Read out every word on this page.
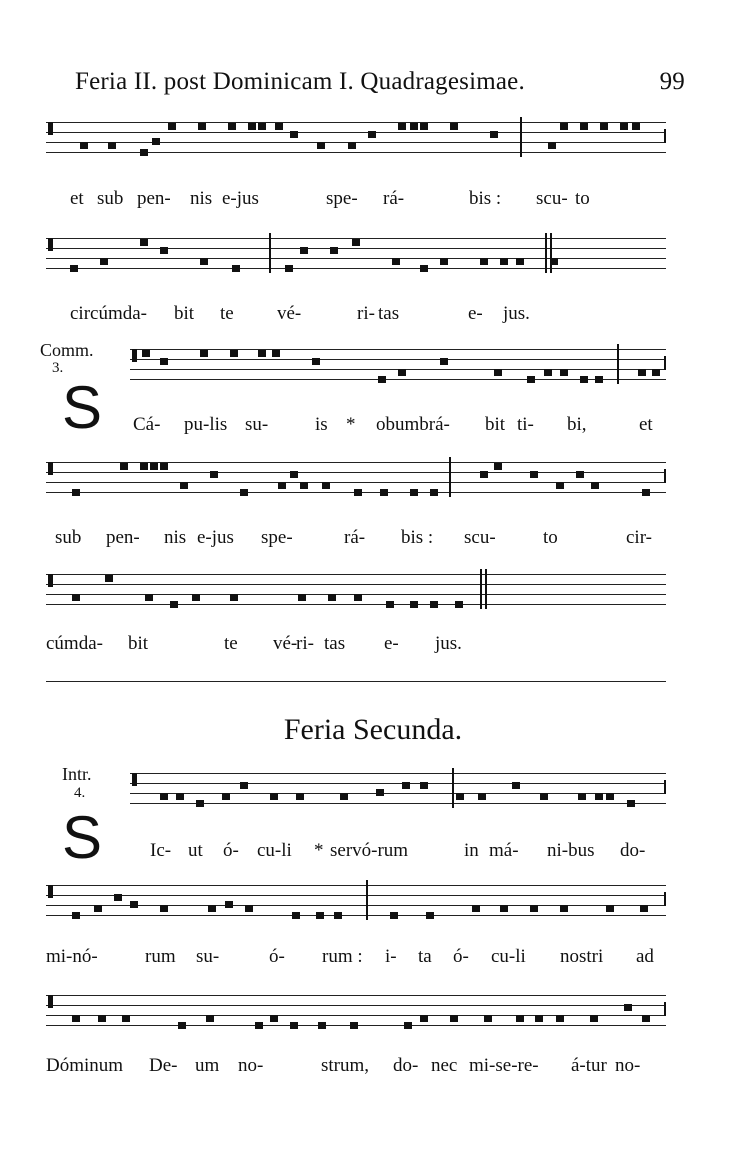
Feria II. post Dominicam I. Quadragesimae.	99
et sub pen- nis e-jus	spe- rá-	bis : scu- to
circúmda- bit te vé-	ri- tas	e- jus.
Cá- pu-lis su- is * obumbrá- bit ti- bi,	et
sub pen- nis e-jus spe-	rá- bis : scu- to	cir-
cúmda- bit	te vé-
ri- tas e- jus.
Ic- ut ó- cu-li * servó-rum	in má- ni-bus do-
mi-nó- rum su-	ó- rum : i- ta ó- cu-li nostri ad
Dóminum De- um no-	strum, do- nec mi-se-re- á-tur no-
Comm.
3.
S
Feria Secunda.
Intr.
4.
S
